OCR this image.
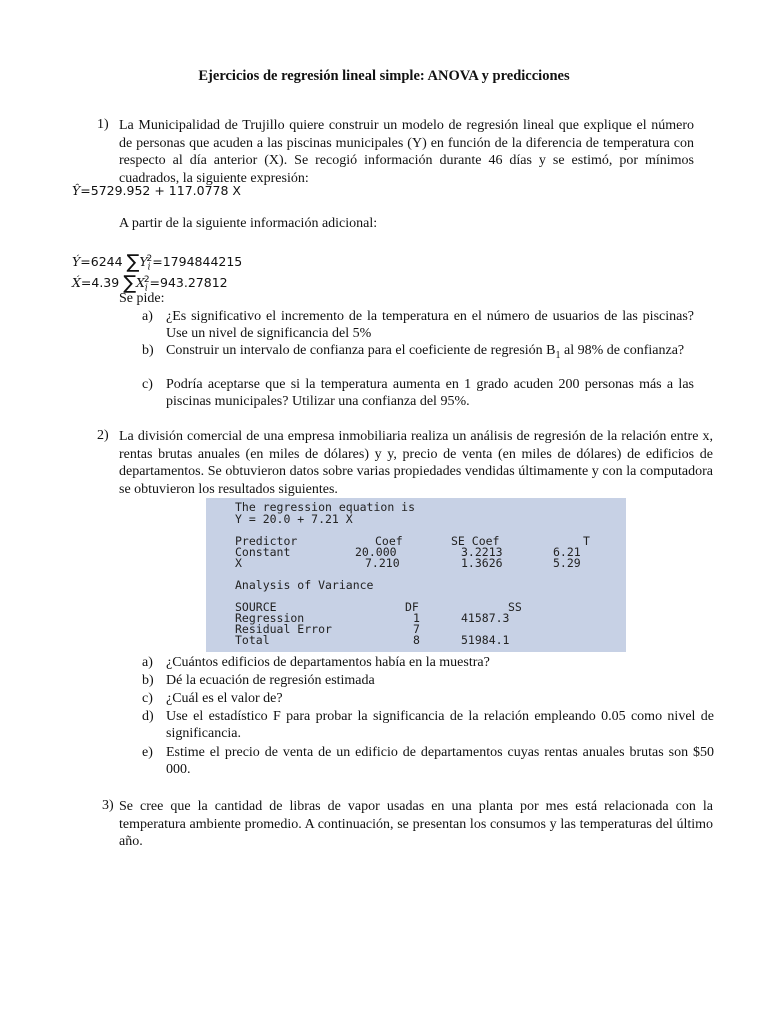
Ejercicios de regresión lineal simple: ANOVA y predicciones
1) La Municipalidad de Trujillo quiere construir un modelo de regresión lineal que explique el número de personas que acuden a las piscinas municipales (Y) en función de la diferencia de temperatura con respecto al día anterior (X). Se recogió información durante 46 días y se estimó, por mínimos cuadrados, la siguiente expresión:
Ŷ=5729.952 + 117.0778 X
A partir de la siguiente información adicional:
Ý=6244 $\sum Y_i^2=1794844215$
X́=4.39 $\sum X_i^2=943.27812$
Se pide:
a) ¿Es significativo el incremento de la temperatura en el número de usuarios de las piscinas? Use un nivel de significancia del 5%
b) Construir un intervalo de confianza para el coeficiente de regresión $B_1$ al 98% de confianza?
c) Podría aceptarse que si la temperatura aumenta en 1 grado acuden 200 personas más a las piscinas municipales? Utilizar una confianza del 95%.
2) La división comercial de una empresa inmobiliaria realiza un análisis de regresión de la relación entre x, rentas brutas anuales (en miles de dólares) y y, precio de venta (en miles de dólares) de edificios de departamentos. Se obtuvieron datos sobre varias propiedades vendidas últimamente y con la computadora se obtuvieron los resultados siguientes.
The regression equation is
Y = 20.0 + 7.21 X
Predictor	Coef	SE Coef	T
Constant	20.000	3.2213	6.21
X	7.210	1.3626	5.29
Analysis of Variance
SOURCE	DF	SS
Regression	1	41587.3
Residual Error	7
Total	8	51984.1
a) ¿Cuántos edificios de departamentos había en la muestra?
b) Dé la ecuación de regresión estimada
c) ¿Cuál es el valor de?
d) Use el estadístico F para probar la significancia de la relación empleando 0.05 como nivel de significancia.
e) Estime el precio de venta de un edificio de departamentos cuyas rentas anuales brutas son $50 000.
3) Se cree que la cantidad de libras de vapor usadas en una planta por mes está relacionada con la temperatura ambiente promedio. A continuación, se presentan los consumos y las temperaturas del último año.
